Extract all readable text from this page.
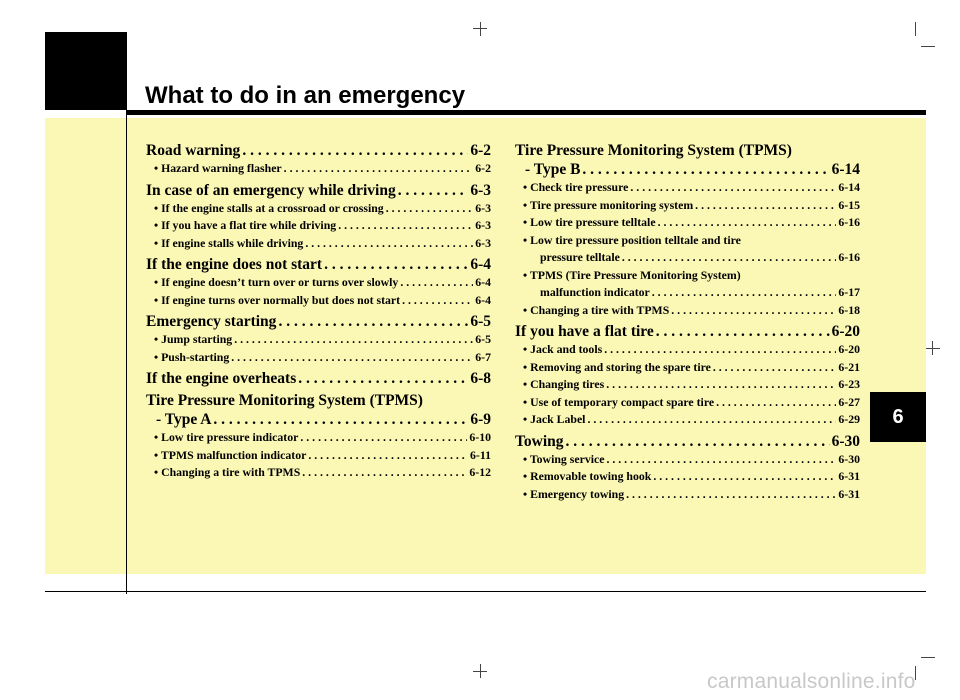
What to do in an emergency
Road warning . . .	6-2
• Hazard warning flasher . . .	6-2
In case of an emergency while driving . . .	6-3
• If the engine stalls at a crossroad or crossing . . .	6-3
• If you have a flat tire while driving . . .	6-3
• If engine stalls while driving . . .	6-3
If the engine does not start . . .	6-4
• If engine doesn’t turn over or turns over slowly . . .	6-4
• If engine turns over normally but does not start . . .	6-4
Emergency starting . . .	6-5
• Jump starting . . .	6-5
• Push-starting . . .	6-7
If the engine overheats . . .	6-8
Tire Pressure Monitoring System (TPMS)
- Type A . . .	6-9
• Low tire pressure indicator . . .	6-10
• TPMS malfunction indicator . . .	6-11
• Changing a tire with TPMS . . .	6-12
Tire Pressure Monitoring System (TPMS)
- Type B . . .	6-14
• Check tire pressure . . .	6-14
• Tire pressure monitoring system . . .	6-15
• Low tire pressure telltale . . .	6-16
• Low tire pressure position telltale and tire
pressure telltale . . .	6-16
• TPMS (Tire Pressure Monitoring System)
malfunction indicator . . .	6-17
• Changing a tire with TPMS . . .	6-18
If you have a flat tire . . .	6-20
• Jack and tools . . .	6-20
• Removing and storing the spare tire . . .	6-21
• Changing tires . . .	6-23
• Use of temporary compact spare tire . . .	6-27
• Jack Label . . .	6-29
Towing . . .	6-30
• Towing service . . .	6-30
• Removable towing hook . . .	6-31
• Emergency towing . . .	6-31
6
carmanualsonline.info
